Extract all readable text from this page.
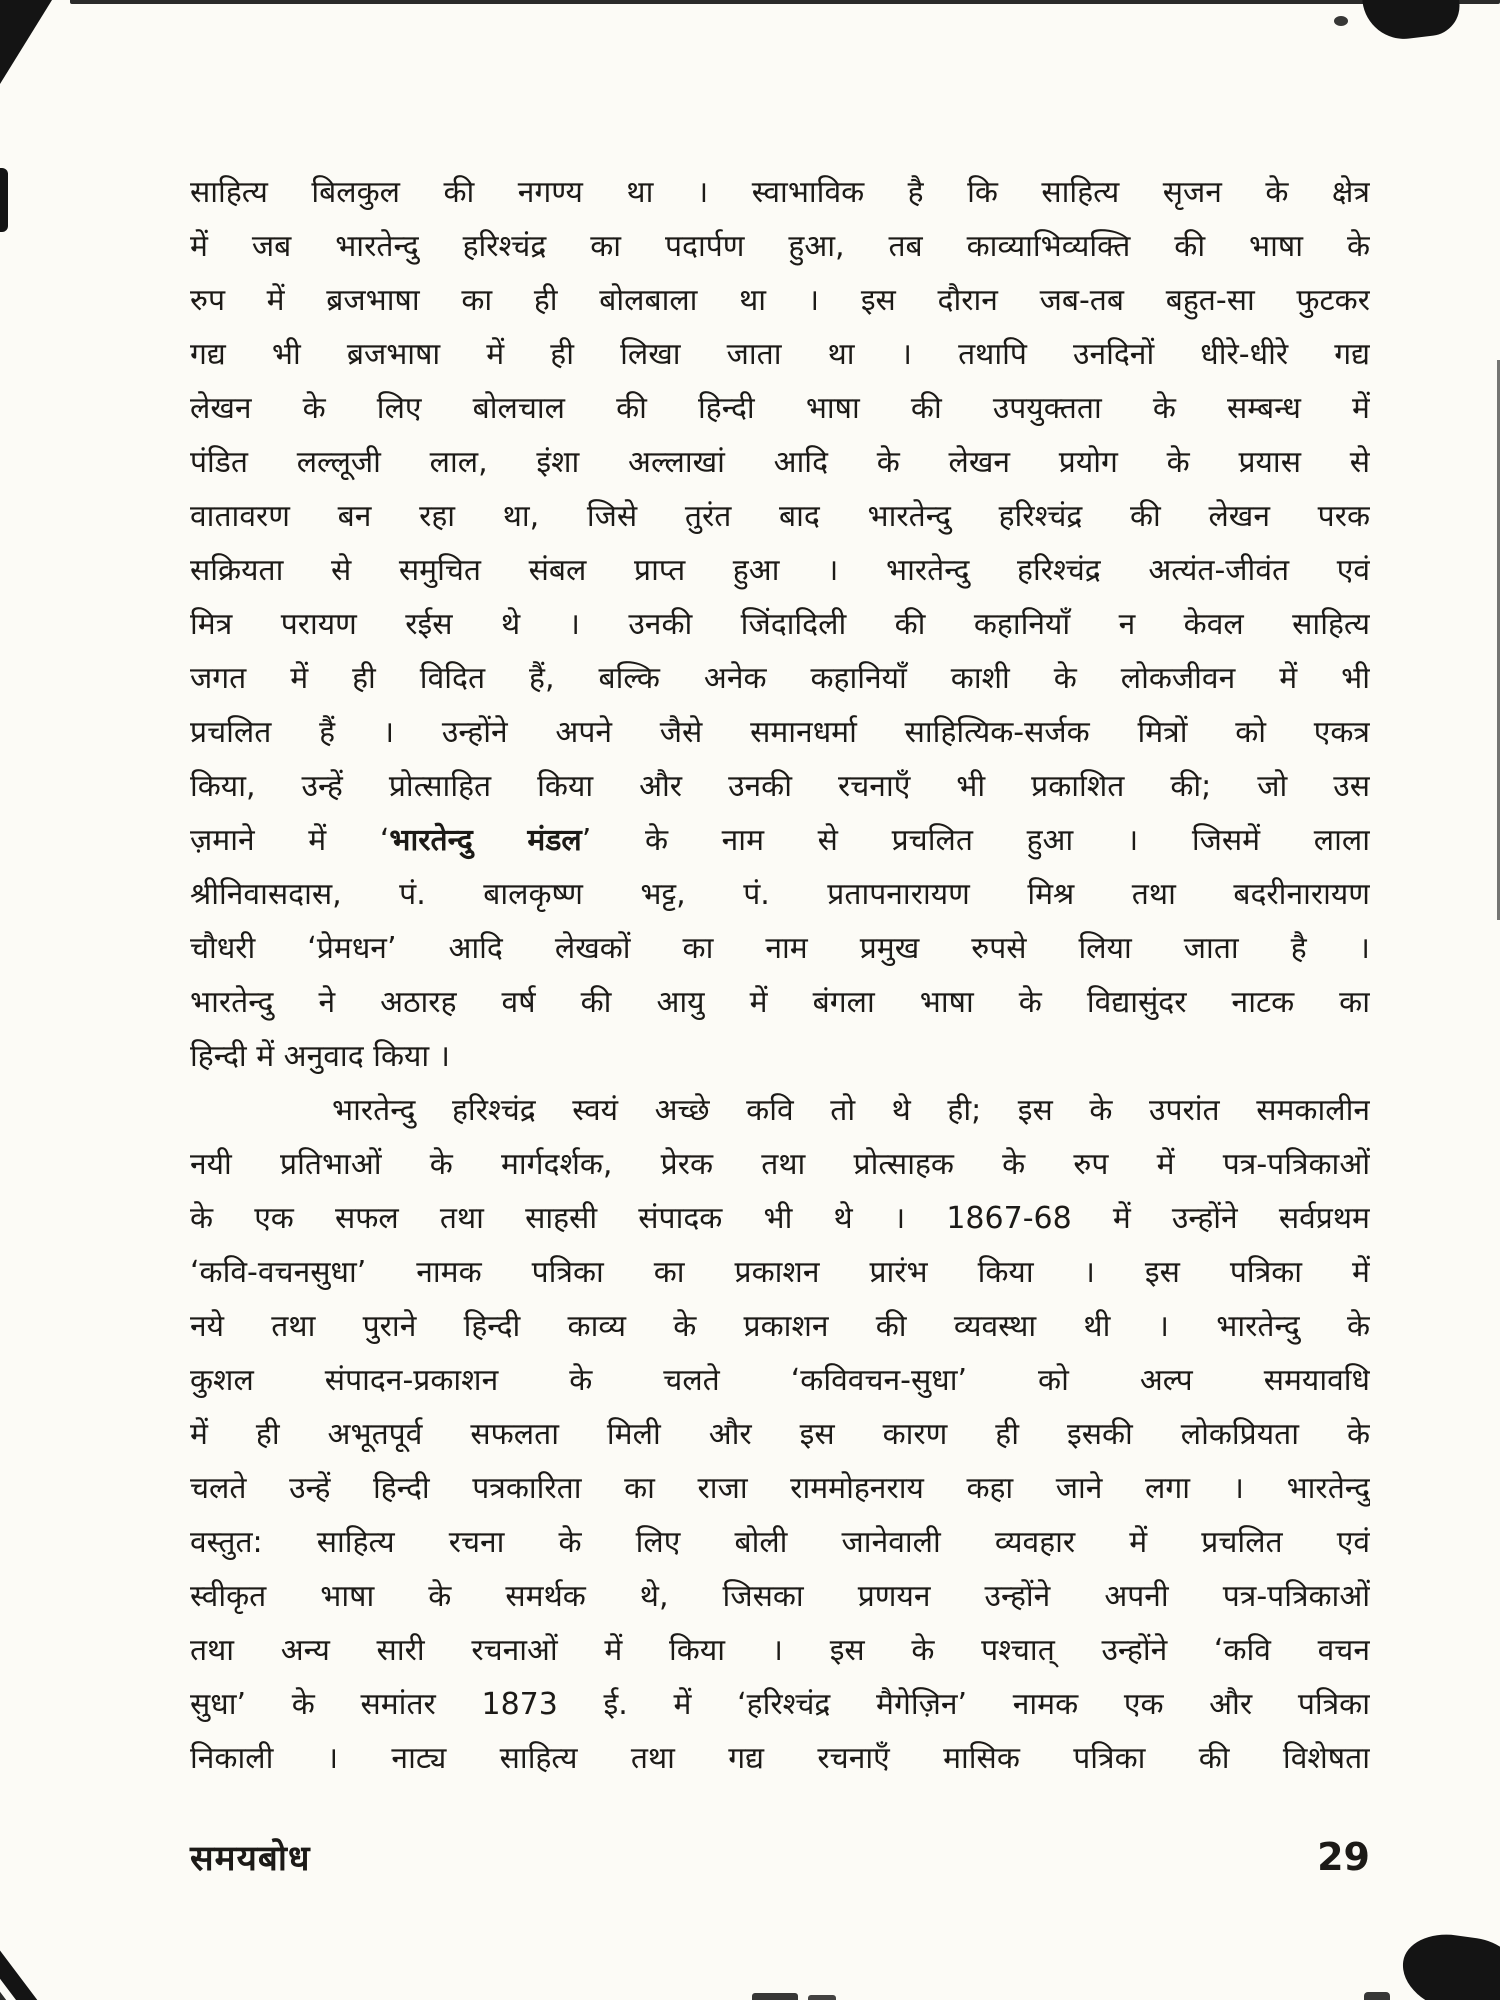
साहित्य बिलकुल की नगण्य था । स्वाभाविक है कि साहित्य सृजन के क्षेत्र
में जब भारतेन्दु हरिश्चंद्र का पदार्पण हुआ, तब काव्याभिव्यक्ति की भाषा के
रुप में ब्रजभाषा का ही बोलबाला था । इस दौरान जब-तब बहुत-सा फुटकर
गद्य भी ब्रजभाषा में ही लिखा जाता था । तथापि उनदिनों धीरे-धीरे गद्य
लेखन के लिए बोलचाल की हिन्दी भाषा की उपयुक्तता के सम्बन्ध में
पंडित लल्लूजी लाल, इंशा अल्लाखां आदि के लेखन प्रयोग के प्रयास से
वातावरण बन रहा था, जिसे तुरंत बाद भारतेन्दु हरिश्चंद्र की लेखन परक
सक्रियता से समुचित संबल प्राप्त हुआ । भारतेन्दु हरिश्चंद्र अत्यंत-जीवंत एवं
मित्र परायण रईस थे । उनकी जिंदादिली की कहानियाँ न केवल साहित्य
जगत में ही विदित हैं, बल्कि अनेक कहानियाँ काशी के लोकजीवन में भी
प्रचलित हैं । उन्होंने अपने जैसे समानधर्मा साहित्यिक-सर्जक मित्रों को एकत्र
किया, उन्हें प्रोत्साहित किया और उनकी रचनाएँ भी प्रकाशित की; जो उस
ज़माने में ‘भारतेन्दु मंडल’ के नाम से प्रचलित हुआ । जिसमें लाला
श्रीनिवासदास, पं. बालकृष्ण भट्ट, पं. प्रतापनारायण मिश्र तथा बदरीनारायण
चौधरी ‘प्रेमधन’ आदि लेखकों का नाम प्रमुख रुपसे लिया जाता है ।
भारतेन्दु ने अठारह वर्ष की आयु में बंगला भाषा के विद्यासुंदर नाटक का
हिन्दी में अनुवाद किया ।
भारतेन्दु हरिश्चंद्र स्वयं अच्छे कवि तो थे ही; इस के उपरांत समकालीन
नयी प्रतिभाओं के मार्गदर्शक, प्रेरक तथा प्रोत्साहक के रुप में पत्र-पत्रिकाओं
के एक सफल तथा साहसी संपादक भी थे । 1867-68 में उन्होंने सर्वप्रथम
‘कवि-वचनसुधा’ नामक पत्रिका का प्रकाशन प्रारंभ किया । इस पत्रिका में
नये तथा पुराने हिन्दी काव्य के प्रकाशन की व्यवस्था थी । भारतेन्दु के
कुशल संपादन-प्रकाशन के चलते ‘कविवचन-सुधा’ को अल्प समयावधि
में ही अभूतपूर्व सफलता मिली और इस कारण ही इसकी लोकप्रियता के
चलते उन्हें हिन्दी पत्रकारिता का राजा राममोहनराय कहा जाने लगा । भारतेन्दु
वस्तुत: साहित्य रचना के लिए बोली जानेवाली व्यवहार में प्रचलित एवं
स्वीकृत भाषा के समर्थक थे, जिसका प्रणयन उन्होंने अपनी पत्र-पत्रिकाओं
तथा अन्य सारी रचनाओं में किया । इस के पश्चात् उन्होंने ‘कवि वचन
सुधा’ के समांतर 1873 ई. में ‘हरिश्चंद्र मैगेज़िन’ नामक एक और पत्रिका
निकाली । नाट्य साहित्य तथा गद्य रचनाएँ मासिक पत्रिका की विशेषता
समयबोध	29
